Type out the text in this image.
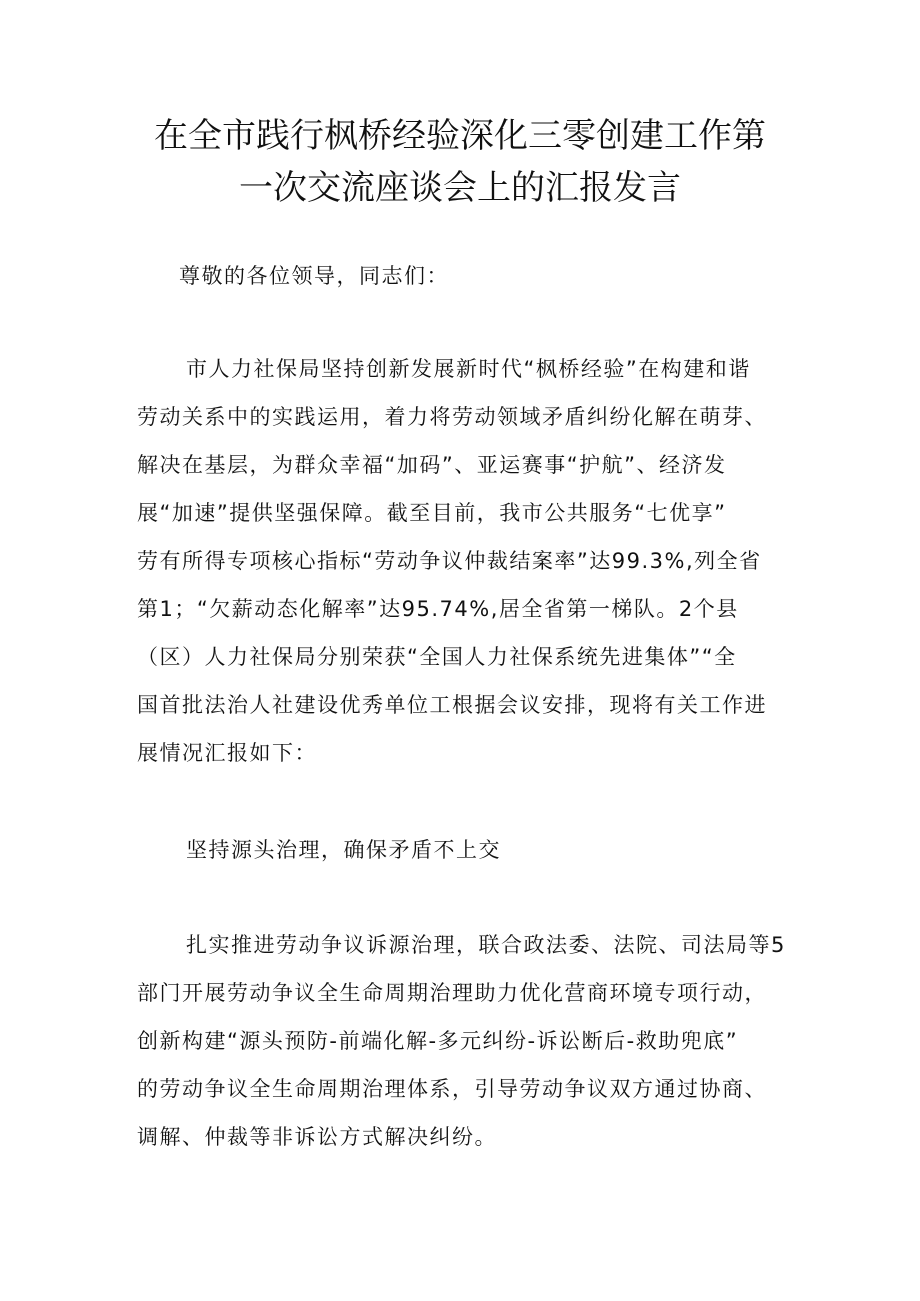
在全市践行枫桥经验深化三零创建工作第
一次交流座谈会上的汇报发言

尊敬的各位领导，同志们：

市人力社保局坚持创新发展新时代“枫桥经验”在构建和谐
劳动关系中的实践运用，着力将劳动领域矛盾纠纷化解在萌芽、
解决在基层，为群众幸福“加码”、亚运赛事“护航”、经济发
展“加速”提供坚强保障。截至目前，我市公共服务“七优享”
劳有所得专项核心指标“劳动争议仲裁结案率”达99.3%,列全省
第1；“欠薪动态化解率”达95.74%,居全省第一梯队。2个县
（区）人力社保局分别荣获“全国人力社保系统先进集体”“全
国首批法治人社建设优秀单位工根据会议安排，现将有关工作进
展情况汇报如下：

坚持源头治理，确保矛盾不上交

扎实推进劳动争议诉源治理，联合政法委、法院、司法局等5
部门开展劳动争议全生命周期治理助力优化营商环境专项行动，
创新构建“源头预防-前端化解-多元纠纷-诉讼断后-救助兜底”
的劳动争议全生命周期治理体系，引导劳动争议双方通过协商、
调解、仲裁等非诉讼方式解决纠纷。
